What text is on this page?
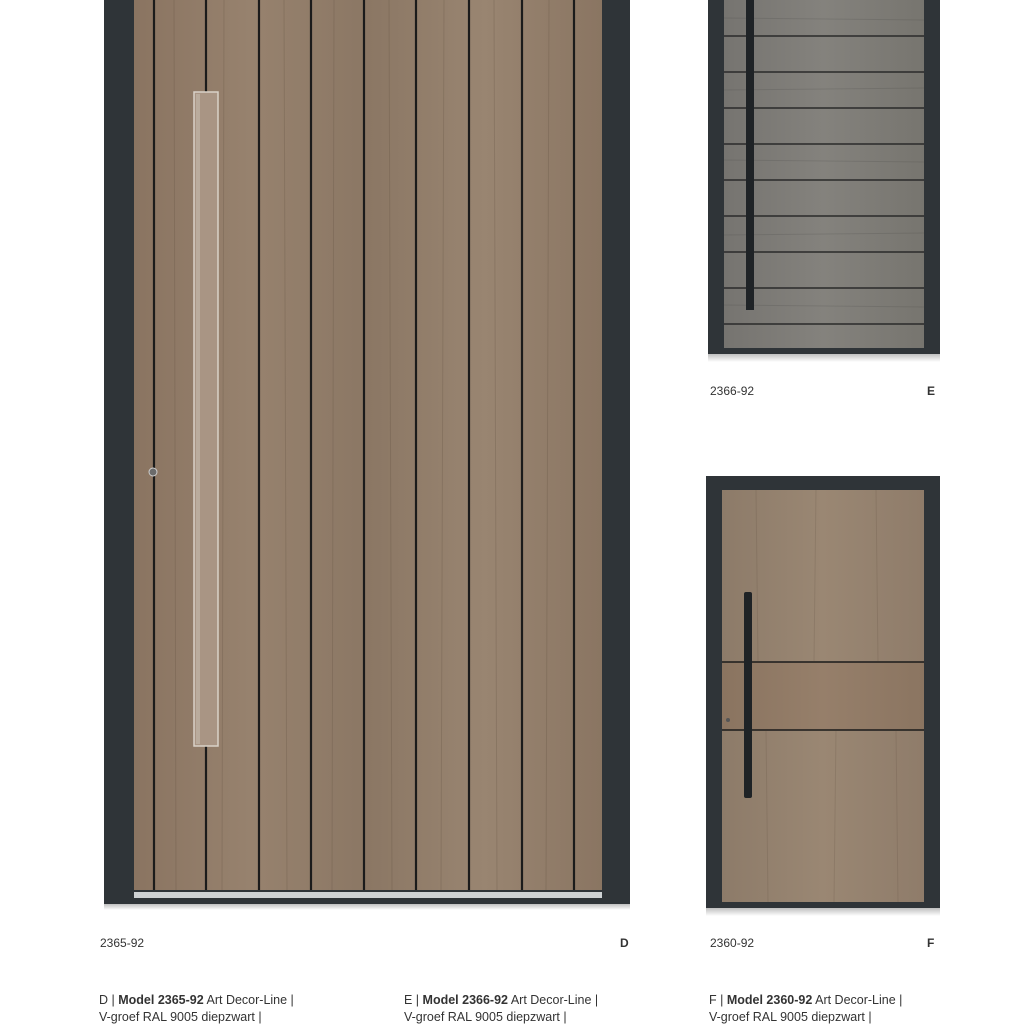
2365-92	D
2366-92	E
2360-92	F
D | Model 2365-92 Art Decor-Line |
V-groef RAL 9005 diepzwart |
E | Model 2366-92 Art Decor-Line |
V-groef RAL 9005 diepzwart |
F | Model 2360-92 Art Decor-Line |
V-groef RAL 9005 diepzwart |
